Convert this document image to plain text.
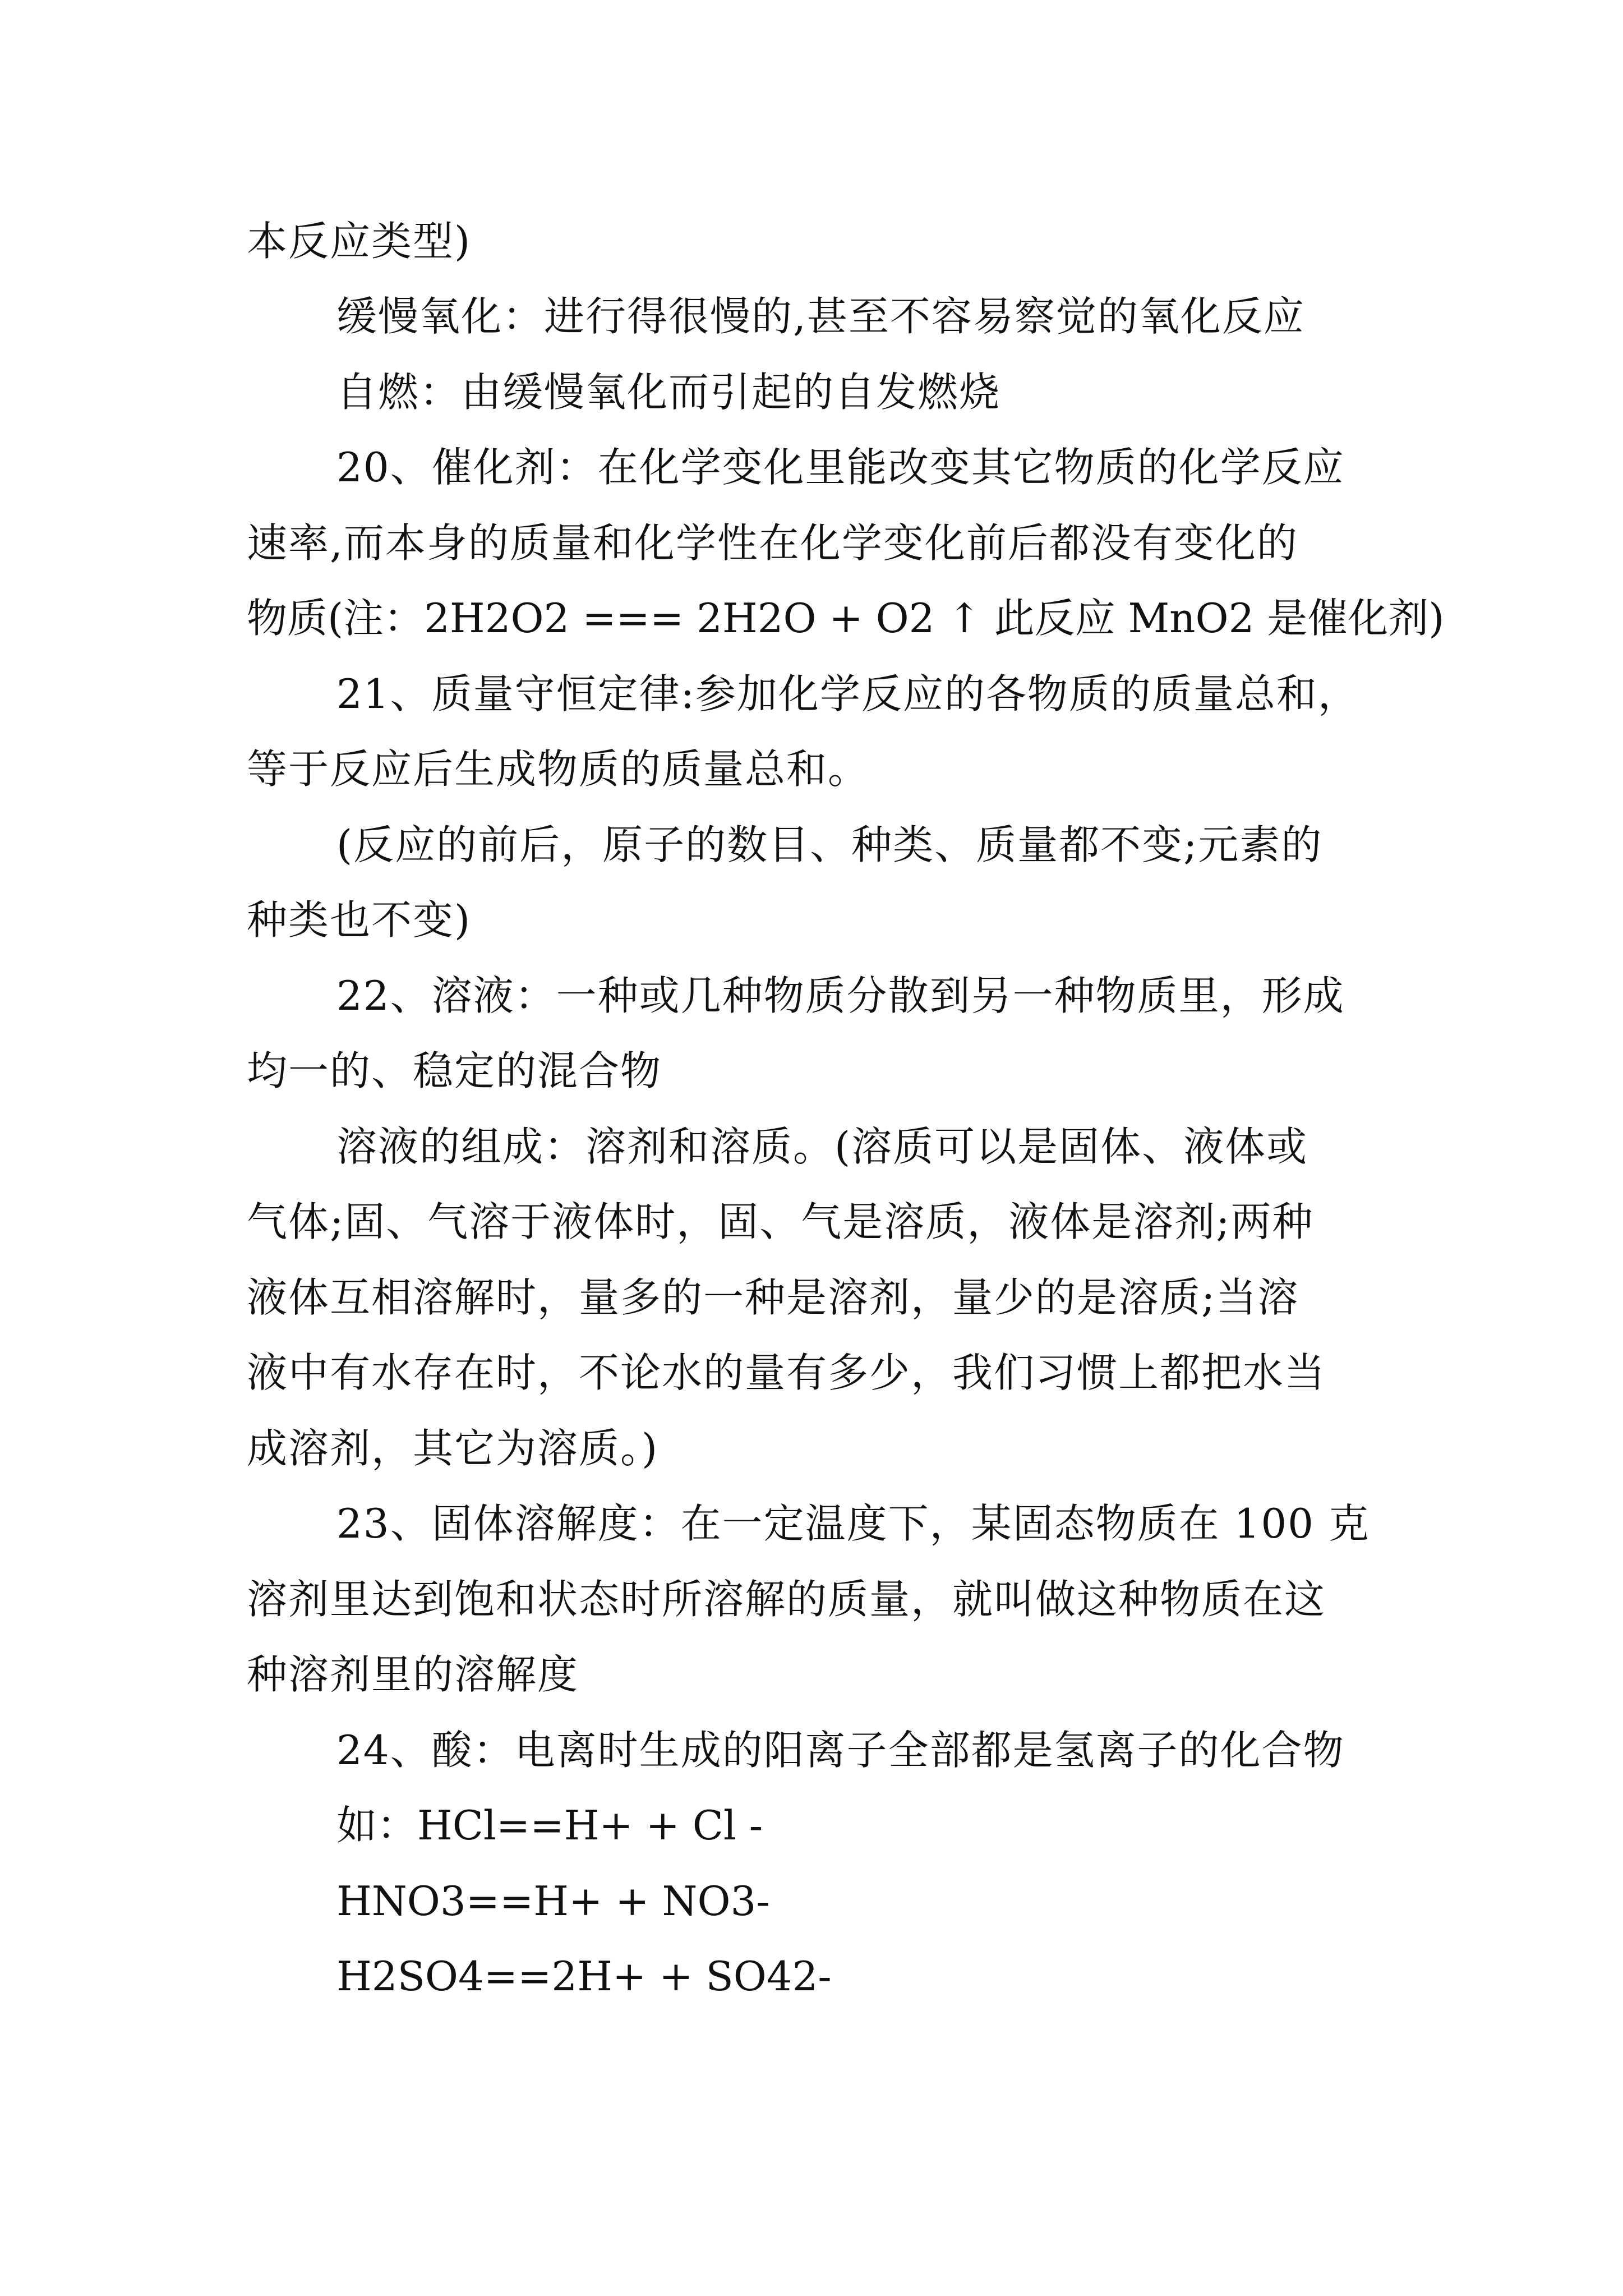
本反应类型)
缓慢氧化：进行得很慢的,甚至不容易察觉的氧化反应
自燃：由缓慢氧化而引起的自发燃烧
20、催化剂：在化学变化里能改变其它物质的化学反应
速率,而本身的质量和化学性在化学变化前后都没有变化的
物质(注：2H2O2 === 2H2O + O2 ↑ 此反应 MnO2 是催化剂)
21、质量守恒定律:参加化学反应的各物质的质量总和，
等于反应后生成物质的质量总和。
(反应的前后，原子的数目、种类、质量都不变;元素的
种类也不变)
22、溶液：一种或几种物质分散到另一种物质里，形成
均一的、稳定的混合物
溶液的组成：溶剂和溶质。(溶质可以是固体、液体或
气体;固、气溶于液体时，固、气是溶质，液体是溶剂;两种
液体互相溶解时，量多的一种是溶剂，量少的是溶质;当溶
液中有水存在时，不论水的量有多少，我们习惯上都把水当
成溶剂，其它为溶质。)
23、固体溶解度：在一定温度下，某固态物质在 100 克
溶剂里达到饱和状态时所溶解的质量，就叫做这种物质在这
种溶剂里的溶解度
24、酸：电离时生成的阳离子全部都是氢离子的化合物
如：HCl==H+ + Cl -
HNO3==H+ + NO3-
H2SO4==2H+ + SO42-
